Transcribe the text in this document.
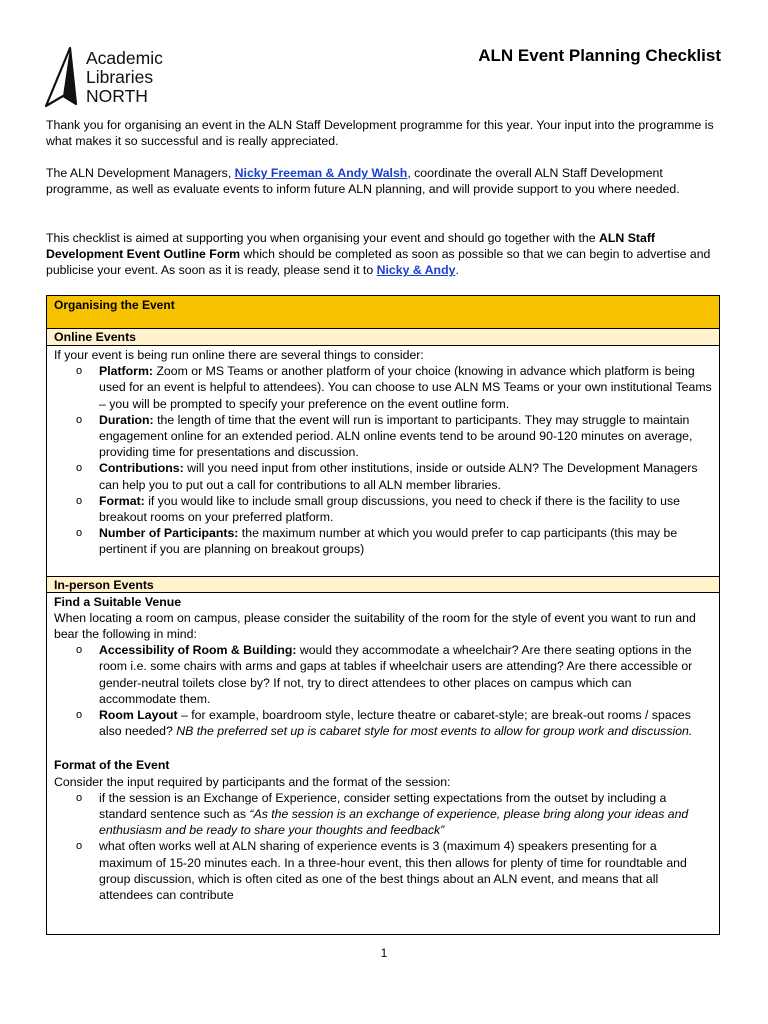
Academic
Libraries
NORTH
ALN Event Planning Checklist
Thank you for organising an event in the ALN Staff Development programme for this year. Your input into the programme is what makes it so successful and is really appreciated.
The ALN Development Managers, Nicky Freeman & Andy Walsh, coordinate the overall ALN Staff Development programme, as well as evaluate events to inform future ALN planning, and will provide support to you where needed.
This checklist is aimed at supporting you when organising your event and should go together with the ALN Staff Development Event Outline Form which should be completed as soon as possible so that we can begin to advertise and publicise your event. As soon as it is ready, please send it to Nicky & Andy.
Organising the Event
Online Events
If your event is being run online there are several things to consider:
o Platform: Zoom or MS Teams or another platform of your choice (knowing in advance which platform is being used for an event is helpful to attendees). You can choose to use ALN MS Teams or your own institutional Teams – you will be prompted to specify your preference on the event outline form.
o Duration: the length of time that the event will run is important to participants. They may struggle to maintain engagement online for an extended period. ALN online events tend to be around 90-120 minutes on average, providing time for presentations and discussion.
o Contributions: will you need input from other institutions, inside or outside ALN? The Development Managers can help you to put out a call for contributions to all ALN member libraries.
o Format: if you would like to include small group discussions, you need to check if there is the facility to use breakout rooms on your preferred platform.
o Number of Participants: the maximum number at which you would prefer to cap participants (this may be pertinent if you are planning on breakout groups)
In-person Events
Find a Suitable Venue
When locating a room on campus, please consider the suitability of the room for the style of event you want to run and bear the following in mind:
o Accessibility of Room & Building: would they accommodate a wheelchair? Are there seating options in the room i.e. some chairs with arms and gaps at tables if wheelchair users are attending? Are there accessible or gender-neutral toilets close by? If not, try to direct attendees to other places on campus which can accommodate them.
o Room Layout – for example, boardroom style, lecture theatre or cabaret-style; are break-out rooms / spaces also needed? NB the preferred set up is cabaret style for most events to allow for group work and discussion.
Format of the Event
Consider the input required by participants and the format of the session:
o if the session is an Exchange of Experience, consider setting expectations from the outset by including a standard sentence such as “As the session is an exchange of experience, please bring along your ideas and enthusiasm and be ready to share your thoughts and feedback”
o what often works well at ALN sharing of experience events is 3 (maximum 4) speakers presenting for a maximum of 15-20 minutes each. In a three-hour event, this then allows for plenty of time for roundtable and group discussion, which is often cited as one of the best things about an ALN event, and means that all attendees can contribute
1
